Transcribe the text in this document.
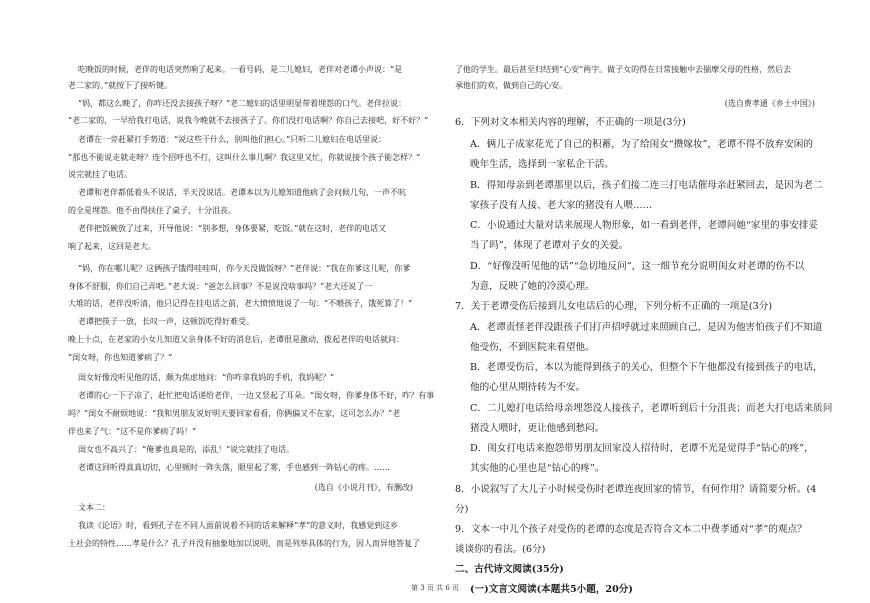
吃晚饭的时候，老伴的电话突然响了起来。一看号码，是二儿媳妇，老伴对老谭小声说：“是

老二家的。”就按下了接听键。

“妈，都这么晚了，你咋还没去接孩子呀？”老二媳妇的话里明显带着埋怨的口气。老伴拉说：

“老二家的，一早给我打电话，说我今晚就不去接孩子了。你们没打电话啊？你自己去接吧，好不好？”

老谭在一旁赶紧打手势道：“说这些干什么，别叫他们担心。”只听二儿媳妇在电话里说：

“那也不能说走就走呀？连个招呼也不打，这叫什么事儿啊？我这里又忙，你就说接个孩子能怎样？”

说完就挂了电话。

老谭和老伴都低着头不说话，半天没说话。老谭本以为儿媳知道他病了会问候几句，一声不吭

的全是埋怨。他不由得扶住了桌子，十分沮丧。

老伴把饭碗放了过来，开导他说：“别多想，身体要紧，吃饭。”就在这时，老伴的电话又

响了起来，这回是老大。

“妈，你在哪儿呢？这俩孩子饿得哇哇叫，你今天没做饭呀？”老伴说：“我在你爹这儿呢，你爹

身体不舒服，你们自己弄吧。”老大说：“爸怎么回事？不是说没啥事吗？”老大还说了一

大堆的话，老伴没听清，他只记得在挂电话之前，老大愤愤地说了一句：“不喂孩子，饿死算了！”

老谭把筷子一放，长叹一声，这顿饭吃得好难受。

晚上十点，在老家的小女儿知道父亲身体不好的消息后，老谭很是激动，拨起老伴的电话就问：

“闺女呀，你也知道爹病了？”

闺女好像没听见他的话，颇为焦虑地问：“你咋拿我妈的手机，我妈呢？”

老谭的心一下子凉了，赶忙把电话递给老伴，一边又竖起了耳朵。“闺女呀，你爹身体不好，咋？有事

吗？”闺女不耐烦地说：“我和男朋友说好明天要回家看看，你俩偏又不在家，这可怎么办？”老

伴也来了气：“这不是你爹病了吗！”

闺女也不高兴了：“俺爹也真是的，添乱！”说完就挂了电话。

老谭这回听得真真切切，心里顿时一阵失落，眼里起了雾，手也感到一阵钻心的疼。……

(选自《小说月刊》，有删改)

文本二：

我读《论语》时，看到孔子在不同人面前说着不同的话来解释“孝”的意义时，我感觉到这乡

土社会的特性……孝是什么？孔子并没有抽象地加以说明，而是列举具体的行为，因人而异地答复了

了他的学生。最后甚至归结到“心安”两字。做子女的得在日常接触中去揣摩父母的性格，然后去

承他们的欢，做到自己的心安。

(选自费孝通《乡土中国》)

6．下列对文本相关内容的理解，不正确的一项是(3分)

A．俩儿子成家花光了自己的积蓄，为了给闺女“攒嫁妆”，老谭不得不放弃安闲的

晚年生活，选择到一家私企干活。

B．得知母亲到老谭那里以后，孩子们接二连三打电话催母亲赶紧回去，是因为老二

家孩子没有人接、老大家的猪没有人喂……

C．小说通过大量对话来展现人物形象，如一看到老伴，老谭问她“家里的事安排妥

当了吗”，体现了老谭对子女的关爱。

D．“好像没听见他的话”“急切地反问”，这一细节充分说明闺女对老谭的伤不以

为意，反映了她的冷漠心理。

7．关于老谭受伤后接到儿女电话后的心理，下列分析不正确的一项是(3分)

A．老谭责怪老伴没跟孩子们打声招呼就过来照顾自己，是因为他害怕孩子们不知道

他受伤，不到医院来看望他。

B．老谭受伤后，本以为能得到孩子的关心，但整个下午他都没有接到孩子的电话，

他的心里从期待转为不安。

C．二儿媳打电话给母亲埋怨没人接孩子，老谭听到后十分沮丧；而老大打电话来质问

猪没人喂时，更让他感到愁闷。

D．闺女打电话来抱怨带男朋友回家没人招待时，老谭不光是觉得手“钻心的疼”，

其实他的心里也是“钻心的疼”。

8．小说叙写了大儿子小时候受伤时老谭连夜回家的情节，有何作用？请简要分析。(4

分)

9．文本一中儿个孩子对受伤的老谭的态度是否符合文本二中费孝通对“孝”的观点？

谈谈你的看法。(6分)

二、古代诗文阅读(35分)

(一)文言文阅读(本题共5小题，20分)

第 3 页 共 6 页
